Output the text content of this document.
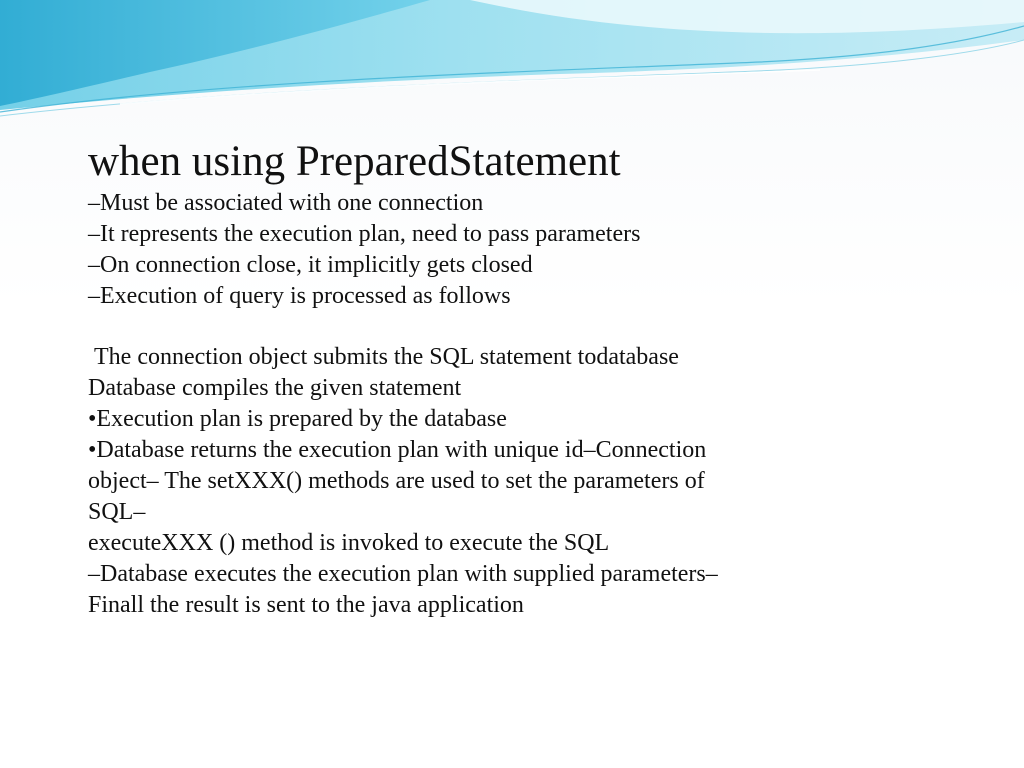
when using PreparedStatement
–Must be associated with one connection
–It represents the execution plan, need to pass parameters
–On connection close, it implicitly gets closed
–Execution of query is processed as follows
The connection object submits the SQL statement todatabase
Database compiles the given statement
•Execution plan is prepared by the database
•Database returns the execution plan with unique id–Connection
object– The setXXX() methods are used to set the parameters of
SQL–
executeXXX () method is invoked to execute the SQL
–Database executes the execution plan with supplied parameters–
Finall the result is sent to the java application
